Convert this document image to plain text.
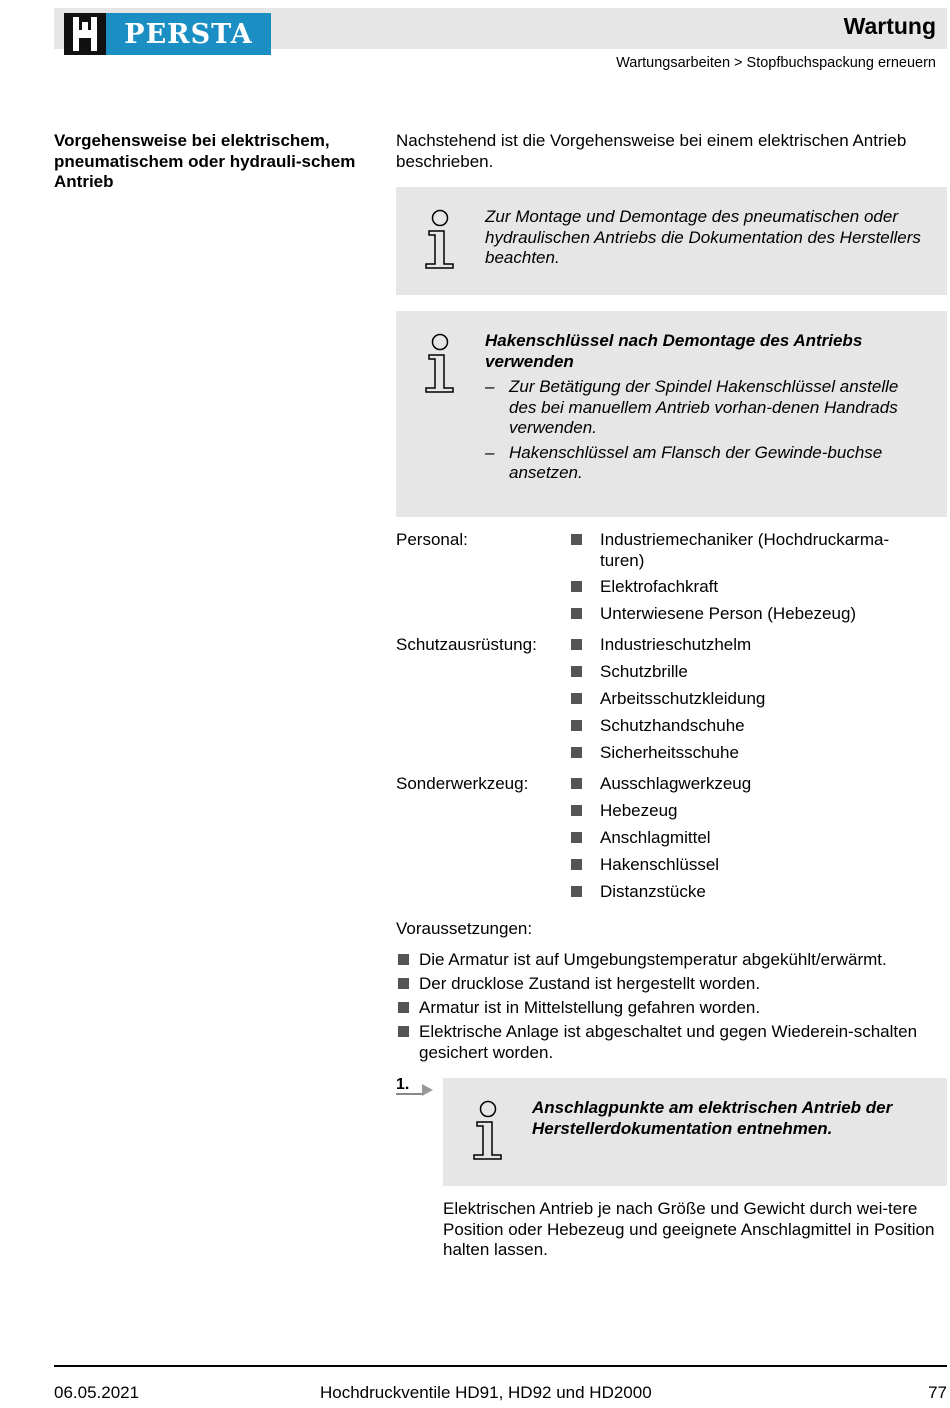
PERSTA	Wartung
Wartungsarbeiten > Stopfbuchspackung erneuern
Vorgehensweise bei elektrischem, pneumatischem oder hydrauli-schem Antrieb
Nachstehend ist die Vorgehensweise bei einem elektrischen Antrieb beschrieben.
Zur Montage und Demontage des pneumatischen oder hydraulischen Antriebs die Dokumentation des Herstellers beachten.
Hakenschlüssel nach Demontage des Antriebs verwenden
– Zur Betätigung der Spindel Hakenschlüssel anstelle des bei manuellem Antrieb vorhan-denen Handrads verwenden.
– Hakenschlüssel am Flansch der Gewinde-buchse ansetzen.
Personal:	Industriemechaniker (Hochdruckarma-turen)
Elektrofachkraft
Unterwiesene Person (Hebezeug)
Schutzausrüstung:	Industrieschutzhelm
Schutzbrille
Arbeitsschutzkleidung
Schutzhandschuhe
Sicherheitsschuhe
Sonderwerkzeug:	Ausschlagwerkzeug
Hebezeug
Anschlagmittel
Hakenschlüssel
Distanzstücke
Voraussetzungen:
Die Armatur ist auf Umgebungstemperatur abgekühlt/erwärmt.
Der drucklose Zustand ist hergestellt worden.
Armatur ist in Mittelstellung gefahren worden.
Elektrische Anlage ist abgeschaltet und gegen Wiederein-schalten gesichert worden.
1.
Anschlagpunkte am elektrischen Antrieb der Herstellerdokumentation entnehmen.
Elektrischen Antrieb je nach Größe und Gewicht durch wei-tere Position oder Hebezeug und geeignete Anschlagmittel in Position halten lassen.
06.05.2021	Hochdruckventile HD91, HD92 und HD2000	77
